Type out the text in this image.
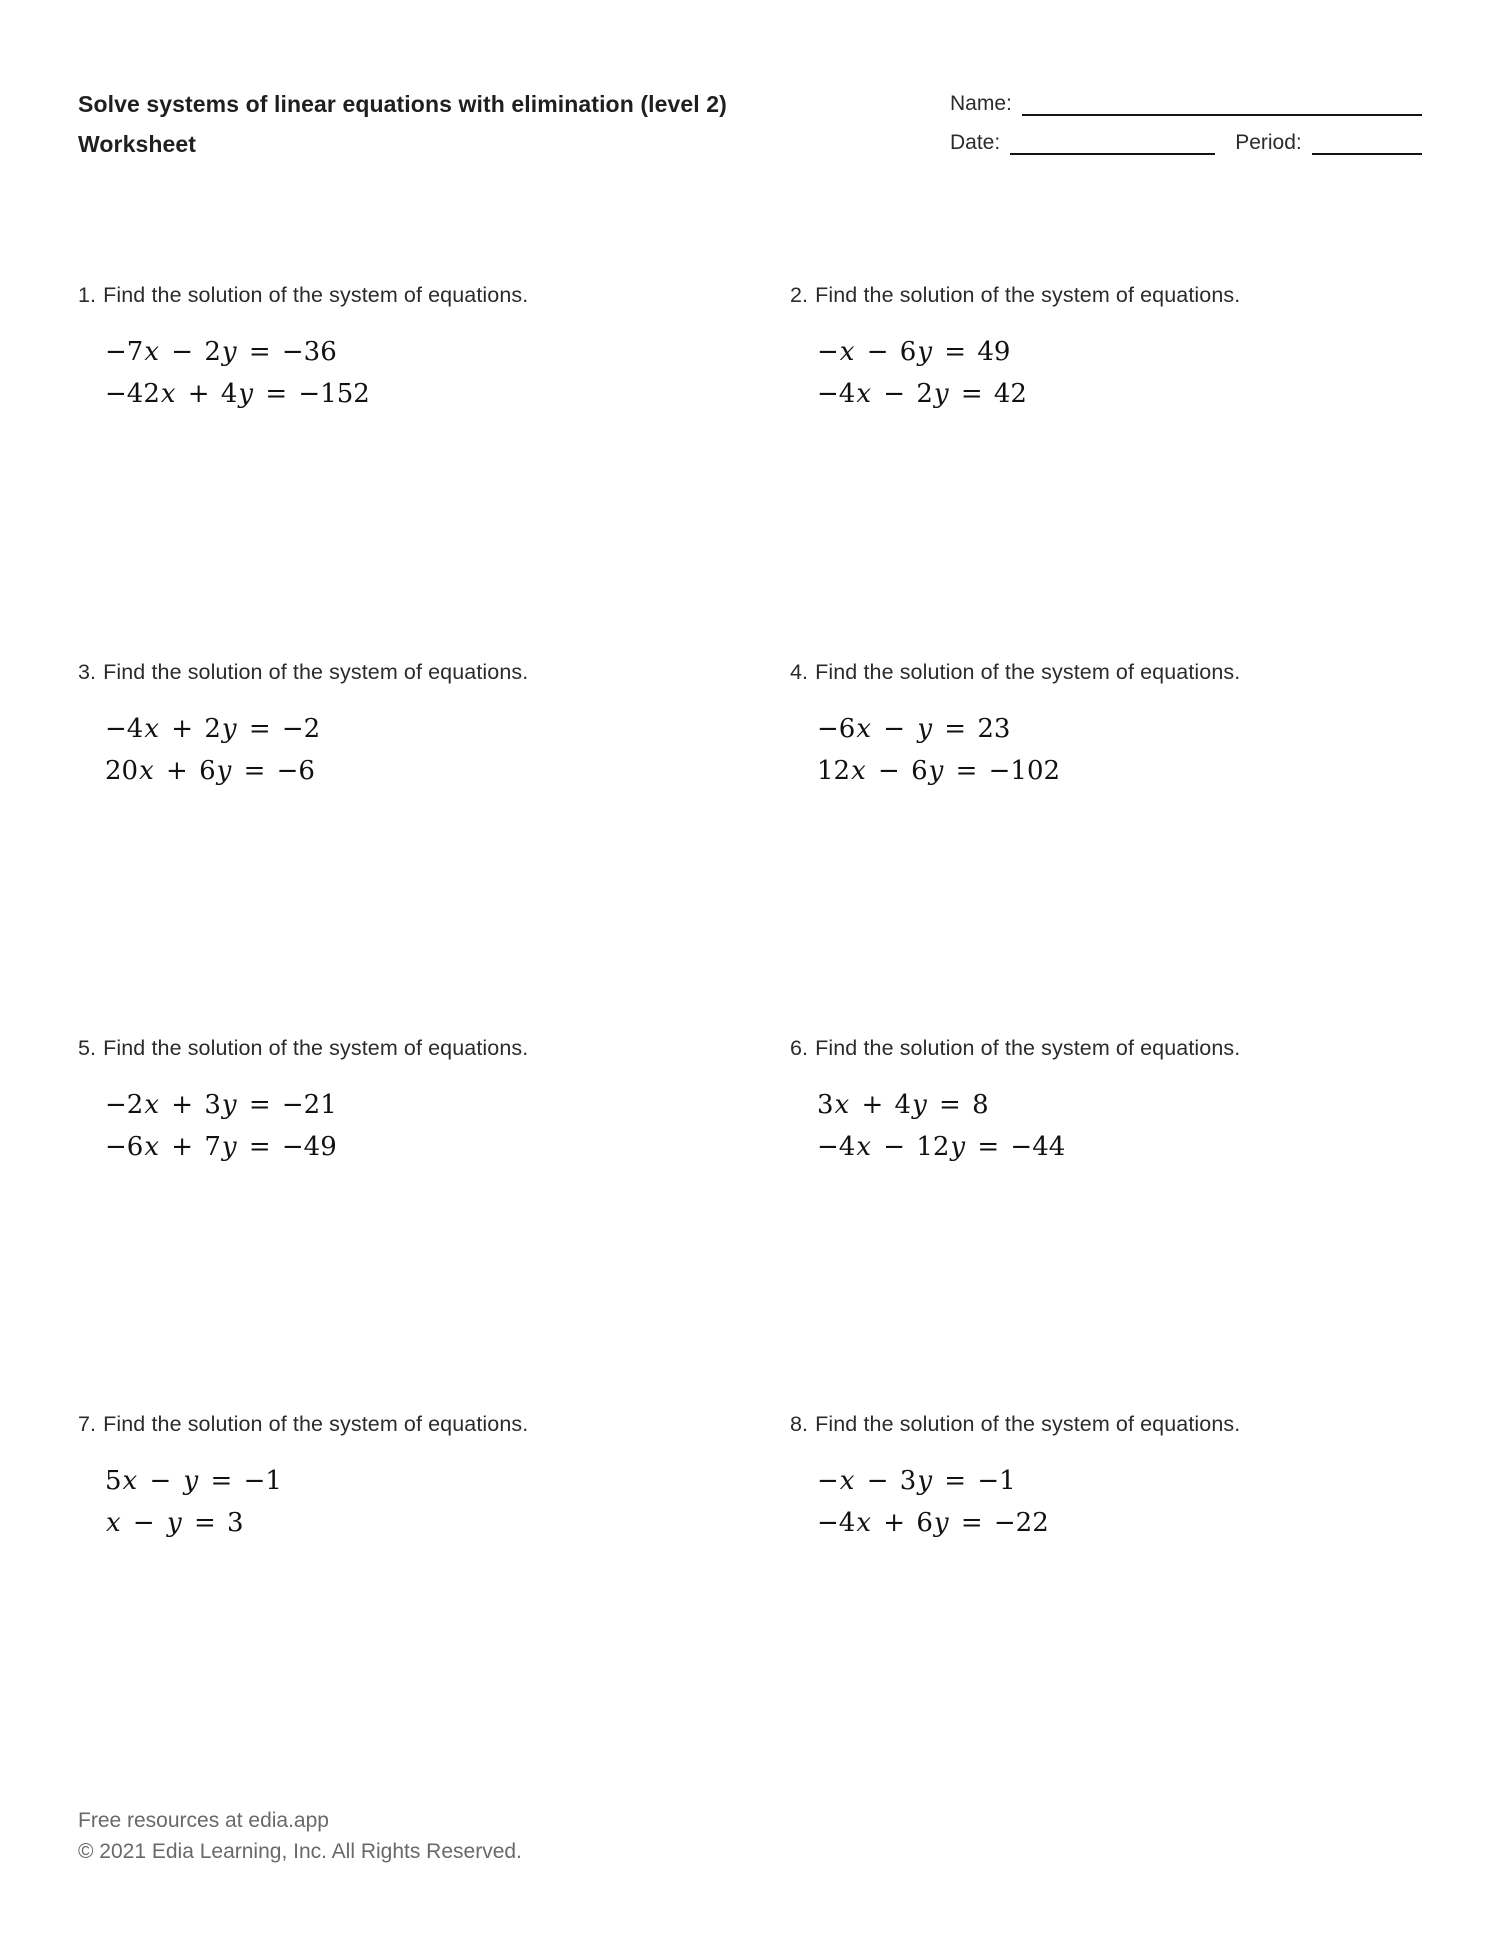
Solve systems of linear equations with elimination (level 2)
Worksheet
Name:
Date:	Period:
1. Find the solution of the system of equations.
−7x − 2y = −36
−42x + 4y = −152
2. Find the solution of the system of equations.
−x − 6y = 49
−4x − 2y = 42
3. Find the solution of the system of equations.
−4x + 2y = −2
20x + 6y = −6
4. Find the solution of the system of equations.
−6x − y = 23
12x − 6y = −102
5. Find the solution of the system of equations.
−2x + 3y = −21
−6x + 7y = −49
6. Find the solution of the system of equations.
3x + 4y = 8
−4x − 12y = −44
7. Find the solution of the system of equations.
5x − y = −1
x − y = 3
8. Find the solution of the system of equations.
−x − 3y = −1
−4x + 6y = −22
Free resources at edia.app
© 2021 Edia Learning, Inc. All Rights Reserved.
